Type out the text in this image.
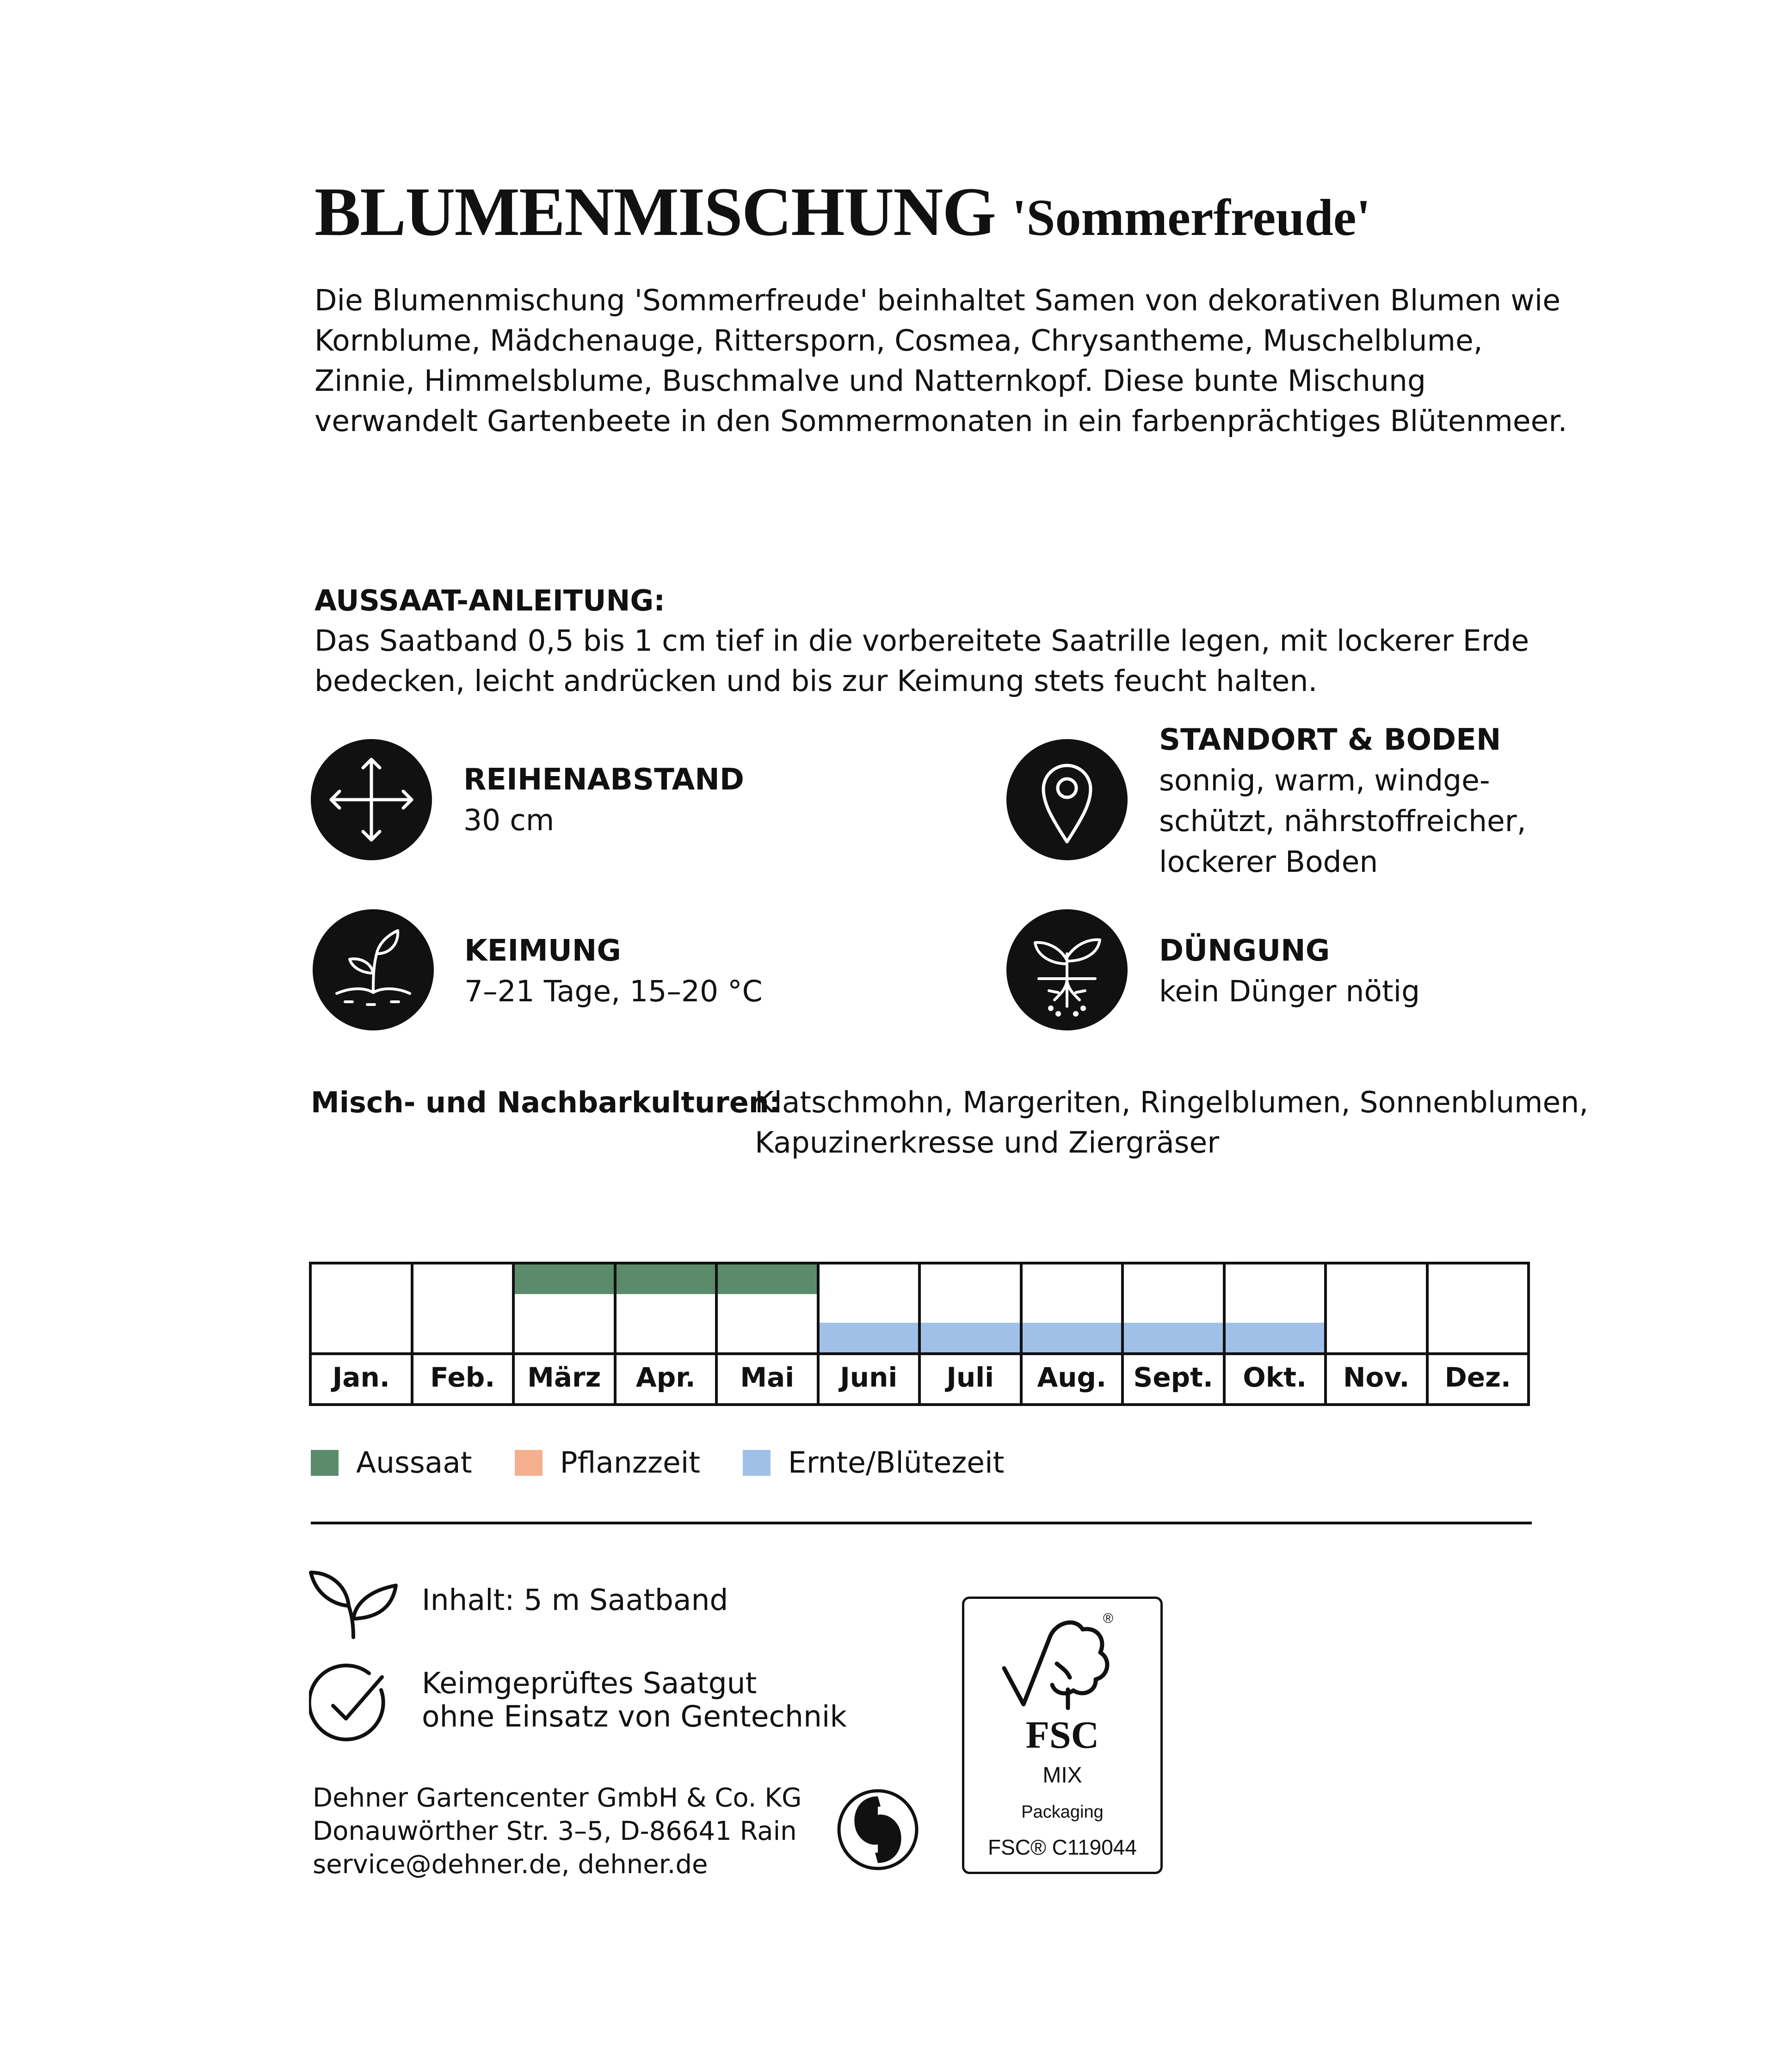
BLUMENMISCHUNG 'Sommerfreude'
Die Blumenmischung 'Sommerfreude' beinhaltet Samen von dekorativen Blumen wie Kornblume, Mädchenauge, Rittersporn, Cosmea, Chrysantheme, Muschelblume, Zinnie, Himmelsblume, Buschmalve und Natternkopf. Diese bunte Mischung verwandelt Gartenbeete in den Sommermonaten in ein farbenprächtiges Blütenmeer.
AUSSAAT-ANLEITUNG:
Das Saatband 0,5 bis 1 cm tief in die vorbereitete Saatrille legen, mit lockerer Erde bedecken, leicht andrücken und bis zur Keimung stets feucht halten.
REIHENABSTAND
30 cm
STANDORT & BODEN
sonnig, warm, windge-
schützt, nährstoffreicher,
lockerer Boden
KEIMUNG
7–21 Tage, 15–20 °C
DÜNGUNG
kein Dünger nötig
Misch- und Nachbarkulturen:
Klatschmohn, Margeriten, Ringelblumen, Sonnenblumen,
Kapuzinerkresse und Ziergräser
Jan.	Feb.	März	Apr.	Mai	Juni	Juli	Aug.	Sept.	Okt.	Nov.	Dez.
Aussaat	Pflanzzeit	Ernte/Blütezeit
Inhalt: 5 m Saatband
Keimgeprüftes Saatgut
ohne Einsatz von Gentechnik
Dehner Gartencenter GmbH & Co. KG
Donauwörther Str. 3–5, D-86641 Rain
service@dehner.de, dehner.de
®
FSC
MIX
Packaging
FSC® C119044
